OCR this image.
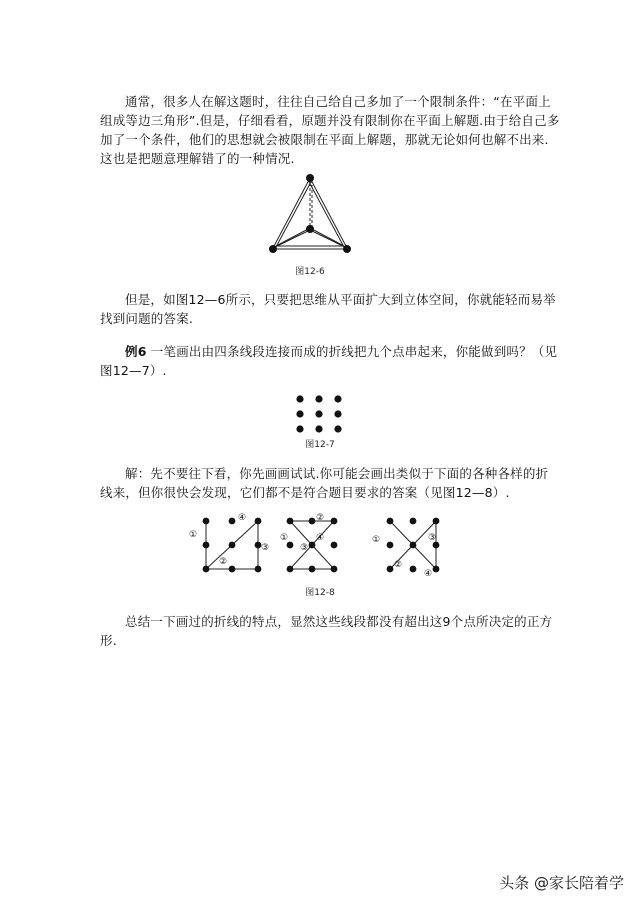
通常，很多人在解这题时，往往自己给自己多加了一个限制条件：“在平面上组成等边三角形”.但是，仔细看看，原题并没有限制你在平面上解题.由于给自己多加了一个条件，他们的思想就会被限制在平面上解题，那就无论如何也解不出来.这也是把题意理解错了的一种情况.

图12-6

但是，如图12—6所示，只要把思维从平面扩大到立体空间，你就能轻而易举找到问题的答案.

例6 一笔画出由四条线段连接而成的折线把九个点串起来，你能做到吗？（见图12—7）.

图12-7

解：先不要往下看，你先画画试试.你可能会画出类似于下面的各种各样的折线来，但你很快会发现，它们都不是符合题目要求的答案（见图12—8）.

①
②
③
④
①
②
③
④	①
②
③
④
图12-8

总结一下画过的折线的特点，显然这些线段都没有超出这9个点所决定的正方形.

头条 @家长陪着学
